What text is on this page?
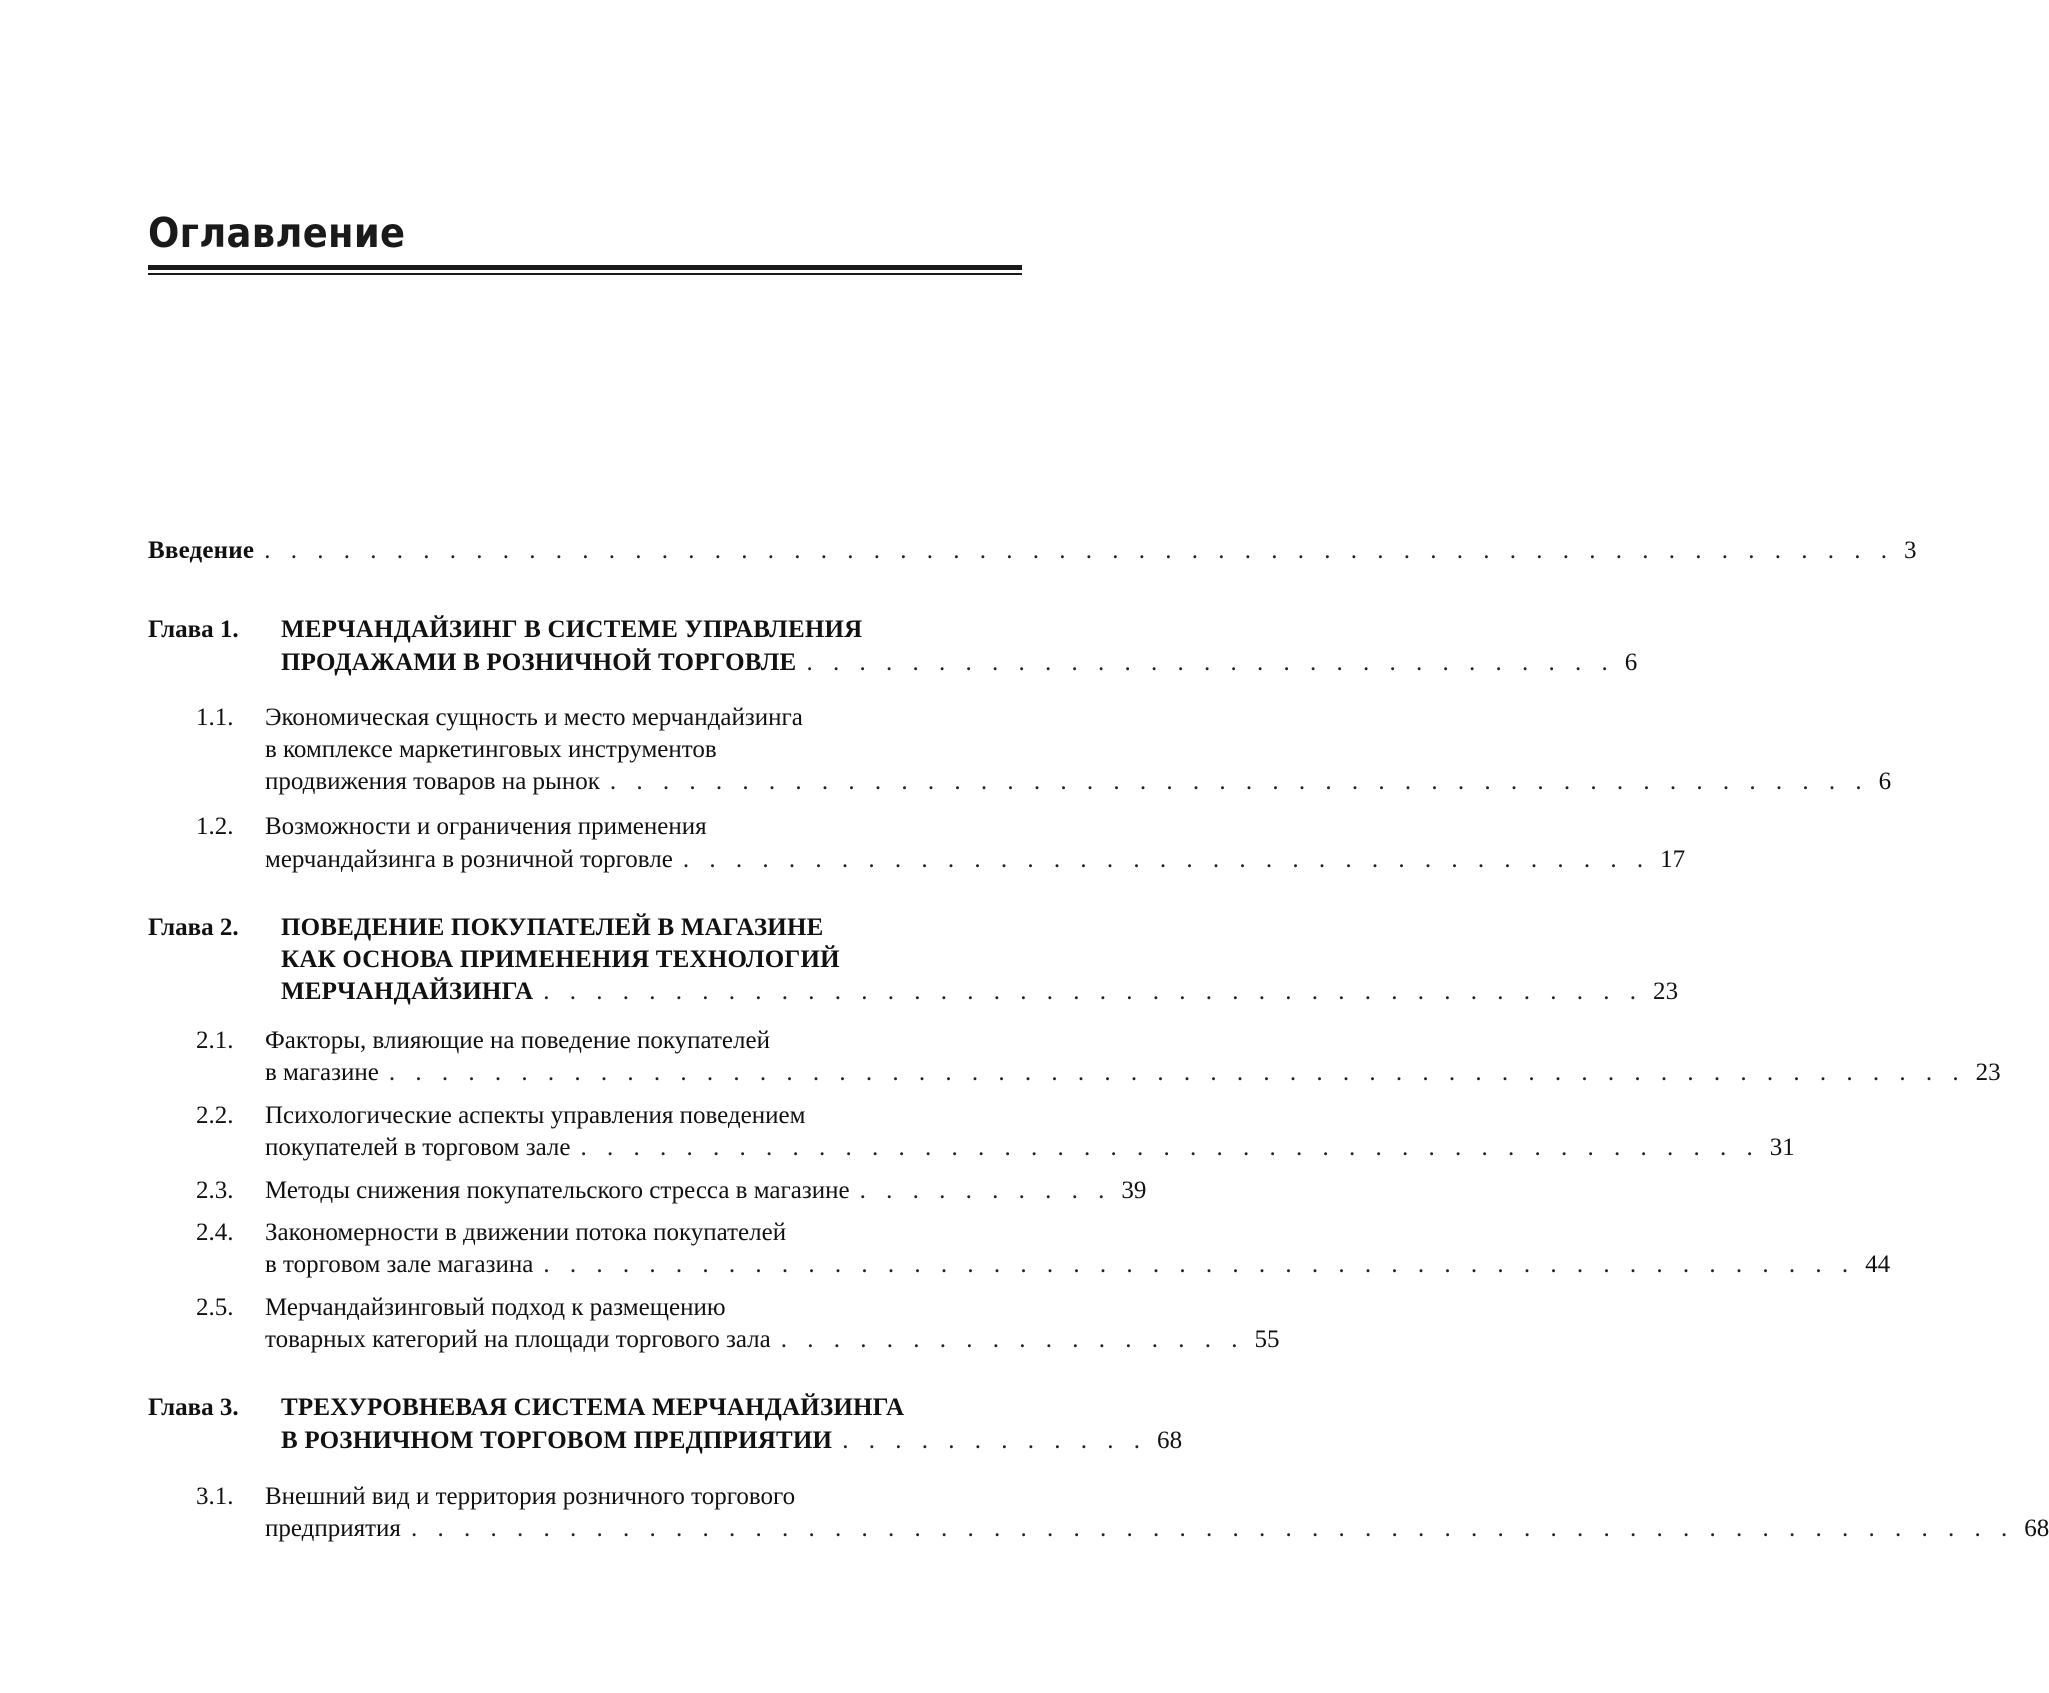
Оглавление
Введение . . . . . . . . . . . . . . . . . . . . . . . . . . . . . . . . . . . . . . . . . . . . . . . . . . . . . . . . . . . . . . 3
Глава 1. МЕРЧАНДАЙЗИНГ В СИСТЕМЕ УПРАВЛЕНИЯ
ПРОДАЖАМИ В РОЗНИЧНОЙ ТОРГОВЛЕ . . . . . . . . . . . . . . . . . . . . . . . . . . . . . . . 6
1.1. Экономическая сущность и место мерчандайзинга
в комплексе маркетинговых инструментов
продвижения товаров на рынок . . . . . . . . . . . . . . . . . . . . . . . . . . . . . . . . . . . . . . . . . . . . . . . . 6
1.2. Возможности и ограничения применения
мерчандайзинга в розничной торговле . . . . . . . . . . . . . . . . . . . . . . . . . . . . . . . . . . . . . 17
Глава 2. ПОВЕДЕНИЕ ПОКУПАТЕЛЕЙ В МАГАЗИНЕ
КАК ОСНОВА ПРИМЕНЕНИЯ ТЕХНОЛОГИЙ
МЕРЧАНДАЙЗИНГА . . . . . . . . . . . . . . . . . . . . . . . . . . . . . . . . . . . . . . . . . . 23
2.1. Факторы, влияющие на поведение покупателей
в магазине . . . . . . . . . . . . . . . . . . . . . . . . . . . . . . . . . . . . . . . . . . . . . . . . . . . . . . . . . . . . 23
2.2. Психологические аспекты управления поведением
покупателей в торговом зале . . . . . . . . . . . . . . . . . . . . . . . . . . . . . . . . . . . . . . . . . . . . . 31
2.3. Методы снижения покупательского стресса в магазине . . . . . . . . . . 39
2.4. Закономерности в движении потока покупателей
в торговом зале магазина . . . . . . . . . . . . . . . . . . . . . . . . . . . . . . . . . . . . . . . . . . . . . . . . . . 44
2.5. Мерчандайзинговый подход к размещению
товарных категорий на площади торгового зала . . . . . . . . . . . . . . . . . . 55
Глава 3. ТРЕХУРОВНЕВАЯ СИСТЕМА МЕРЧАНДАЙЗИНГА
В РОЗНИЧНОМ ТОРГОВОМ ПРЕДПРИЯТИИ . . . . . . . . . . . . 68
3.1. Внешний вид и территория розничного торгового
предприятия . . . . . . . . . . . . . . . . . . . . . . . . . . . . . . . . . . . . . . . . . . . . . . . . . . . . . . . . . . . . . 68
